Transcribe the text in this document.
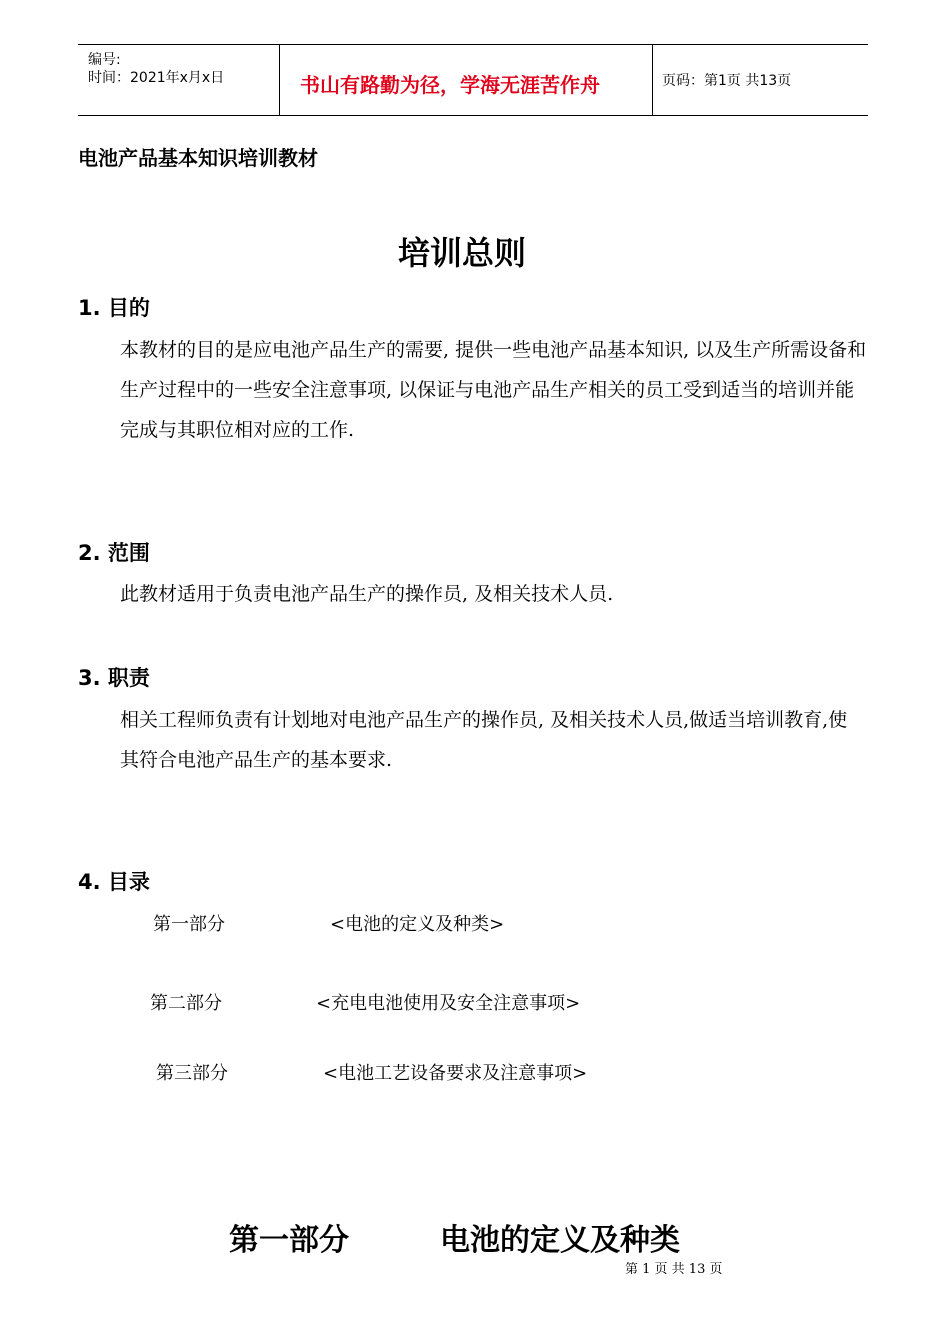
编号:
时间：2021年x月x日	书山有路勤为径，学海无涯苦作舟	页码：第1页 共13页
电池产品基本知识培训教材
培训总则
1. 目的
本教材的目的是应电池产品生产的需要, 提供一些电池产品基本知识, 以及生产所需设备和生产过程中的一些安全注意事项, 以保证与电池产品生产相关的员工受到适当的培训并能完成与其职位相对应的工作.
2. 范围
此教材适用于负责电池产品生产的操作员, 及相关技术人员.
3. 职责
相关工程师负责有计划地对电池产品生产的操作员, 及相关技术人员,做适当培训教育,使其符合电池产品生产的基本要求.
4. 目录
第一部分	<电池的定义及种类>
第二部分	<充电电池使用及安全注意事项>
第三部分	<电池工艺设备要求及注意事项>
第一部分	电池的定义及种类
第 1 页 共 13 页
